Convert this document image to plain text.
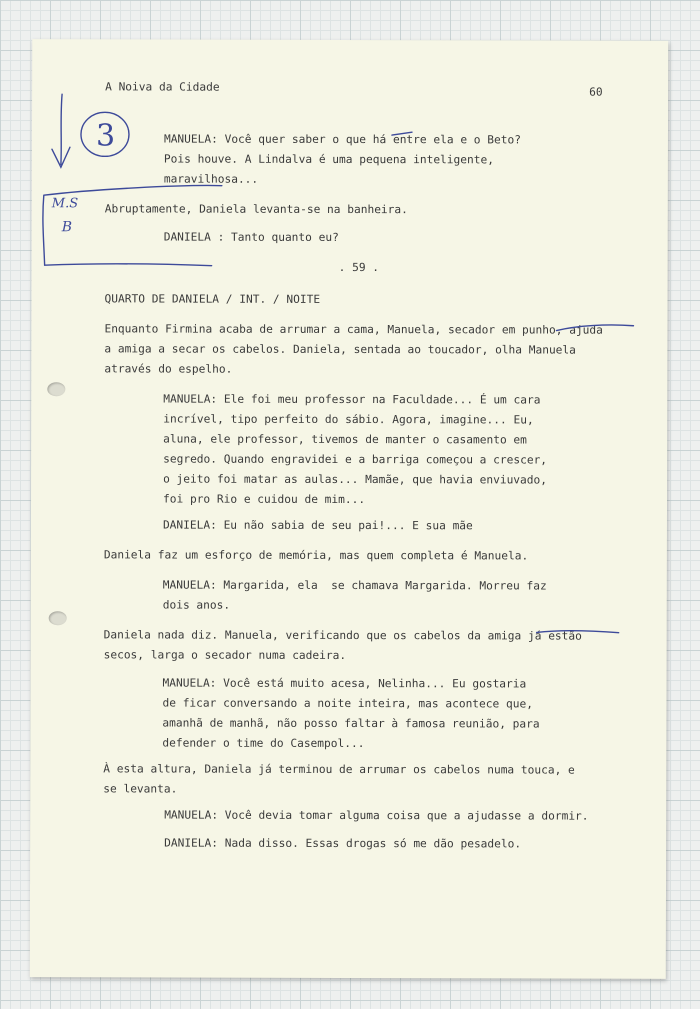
A Noiva da Cidade	60
MANUELA: Você quer saber o que há entre ela e o Beto?
Pois houve. A Lindalva é uma pequena inteligente,
maravilhosa...
Abruptamente, Daniela levanta-se na banheira.
DANIELA : Tanto quanto eu?
. 59 .
QUARTO DE DANIELA / INT. / NOITE
Enquanto Firmina acaba de arrumar a cama, Manuela, secador em punho, ajuda
a amiga a secar os cabelos. Daniela, sentada ao toucador, olha Manuela
através do espelho.
MANUELA: Ele foi meu professor na Faculdade... É um cara
incrível, tipo perfeito do sábio. Agora, imagine... Eu,
aluna, ele professor, tivemos de manter o casamento em
segredo. Quando engravidei e a barriga começou a crescer,
o jeito foi matar as aulas... Mamãe, que havia enviuvado,
foi pro Rio e cuidou de mim...
DANIELA: Eu não sabia de seu pai!... E sua mãe
Daniela faz um esforço de memória, mas quem completa é Manuela.
MANUELA: Margarida, ela  se chamava Margarida. Morreu faz
dois anos.
Daniela nada diz. Manuela, verificando que os cabelos da amiga já estão
secos, larga o secador numa cadeira.
MANUELA: Você está muito acesa, Nelinha... Eu gostaria
de ficar conversando a noite inteira, mas acontece que,
amanhã de manhã, não posso faltar à famosa reunião, para
defender o time do Casempol...
À esta altura, Daniela já terminou de arrumar os cabelos numa touca, e
se levanta.
MANUELA: Você devia tomar alguma coisa que a ajudasse a dormir.
DANIELA: Nada disso. Essas drogas só me dão pesadelo.
3
M.S
B
